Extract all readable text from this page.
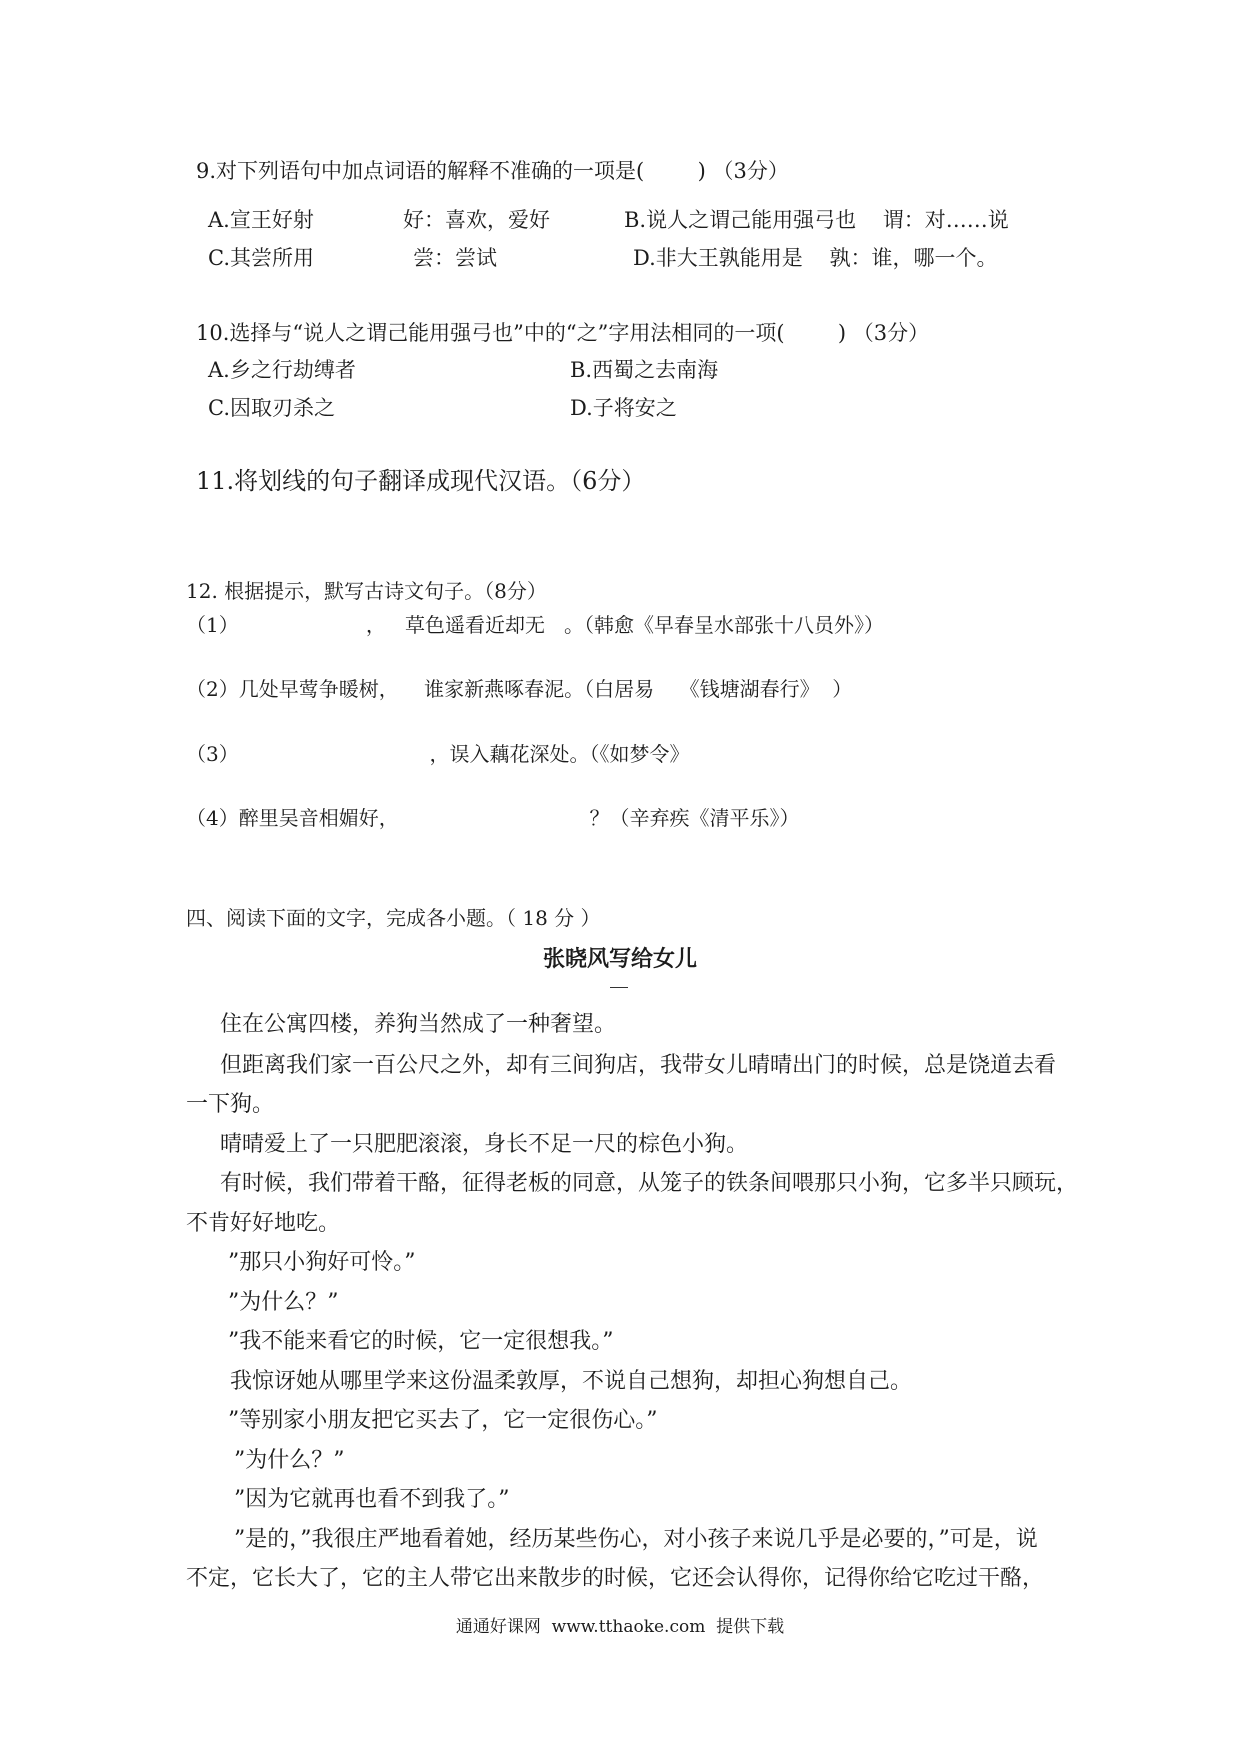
9.对下列语句中加点词语的解释不准确的一项是(        ) （3分）
A.宣王好射	好：喜欢，爱好	B.说人之谓己能用强弓也    谓：对……说
C.其尝所用	尝：尝试	D.非大王孰能用是    孰：谁，哪一个。
10.选择与“说人之谓己能用强弓也”中的“之”字用法相同的一项(        ) （3分）
A.乡之行劫缚者	B.西蜀之去南海
C.因取刃杀之	D.子将安之
11.将划线的句子翻译成现代汉语。（6分）
12. 根据提示，默写古诗文句子。（8分）
（1）                    ，   草色遥看近却无   。（韩愈《早春呈水部张十八员外》）
（2）几处早莺争暖树，    谁家新燕啄春泥。（白居易    《钱塘湖春行》  ）
（3）                              ，误入藕花深处。（《如梦令》
（4）醉里吴音相媚好，                              ？（辛弃疾《清平乐》）
四、阅读下面的文字，完成各小题。（ 18 分 ）
张晓风写给女儿
住在公寓四楼，养狗当然成了一种奢望。
但距离我们家一百公尺之外，却有三间狗店，我带女儿晴晴出门的时候，总是饶道去看
一下狗。
晴晴爱上了一只肥肥滚滚，身长不足一尺的棕色小狗。
有时候，我们带着干酪，征得老板的同意，从笼子的铁条间喂那只小狗，它多半只顾玩，
不肯好好地吃。
”那只小狗好可怜。”
”为什么？”
”我不能来看它的时候，它一定很想我。”
我惊讶她从哪里学来这份温柔敦厚，不说自己想狗，却担心狗想自己。
”等别家小朋友把它买去了，它一定很伤心。”
”为什么？”
”因为它就再也看不到我了。”
”是的，”我很庄严地看着她，经历某些伤心，对小孩子来说几乎是必要的，”可是，说
不定，它长大了，它的主人带它出来散步的时候，它还会认得你，记得你给它吃过干酪，
通通好课网  www.tthaoke.com  提供下载
